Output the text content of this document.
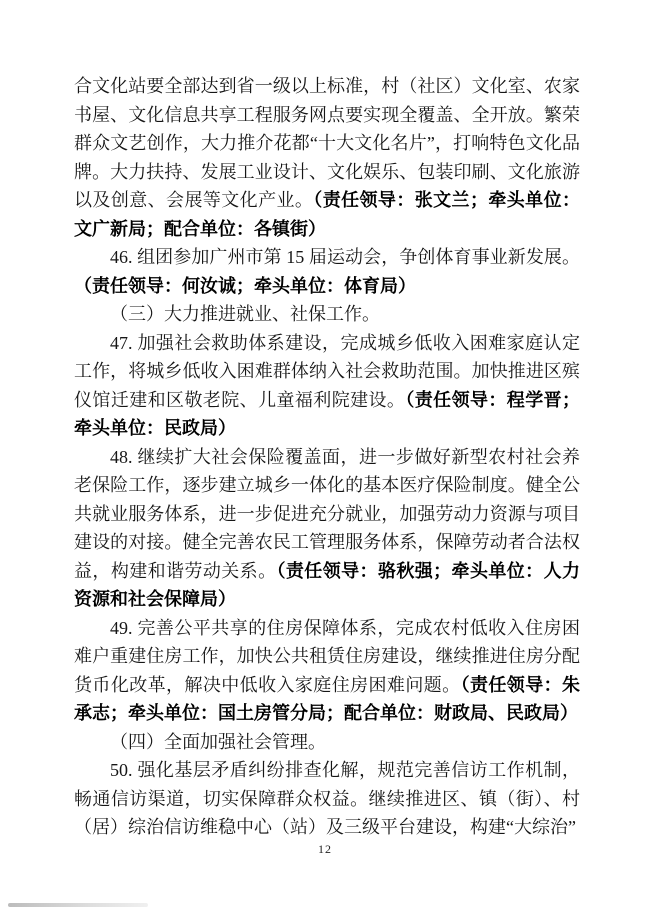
合文化站要全部达到省一级以上标准，村（社区）文化室、农家书屋、文化信息共享工程服务网点要实现全覆盖、全开放。繁荣群众文艺创作，大力推介花都“十大文化名片”，打响特色文化品牌。大力扶持、发展工业设计、文化娱乐、包装印刷、文化旅游以及创意、会展等文化产业。（责任领导：张文兰；牵头单位：文广新局；配合单位：各镇街）

46. 组团参加广州市第 15 届运动会，争创体育事业新发展。（责任领导：何汝诚；牵头单位：体育局）

（三）大力推进就业、社保工作。

47. 加强社会救助体系建设，完成城乡低收入困难家庭认定工作，将城乡低收入困难群体纳入社会救助范围。加快推进区殡仪馆迁建和区敬老院、儿童福利院建设。（责任领导：程学晋；牵头单位：民政局）

48. 继续扩大社会保险覆盖面，进一步做好新型农村社会养老保险工作，逐步建立城乡一体化的基本医疗保险制度。健全公共就业服务体系，进一步促进充分就业，加强劳动力资源与项目建设的对接。健全完善农民工管理服务体系，保障劳动者合法权益，构建和谐劳动关系。（责任领导：骆秋强；牵头单位：人力资源和社会保障局）

49. 完善公平共享的住房保障体系，完成农村低收入住房困难户重建住房工作，加快公共租赁住房建设，继续推进住房分配货币化改革，解决中低收入家庭住房困难问题。（责任领导：朱承志；牵头单位：国土房管分局；配合单位：财政局、民政局）

（四）全面加强社会管理。

50. 强化基层矛盾纠纷排查化解，规范完善信访工作机制，畅通信访渠道，切实保障群众权益。继续推进区、镇（街）、村（居）综治信访维稳中心（站）及三级平台建设，构建“大综治”

12
